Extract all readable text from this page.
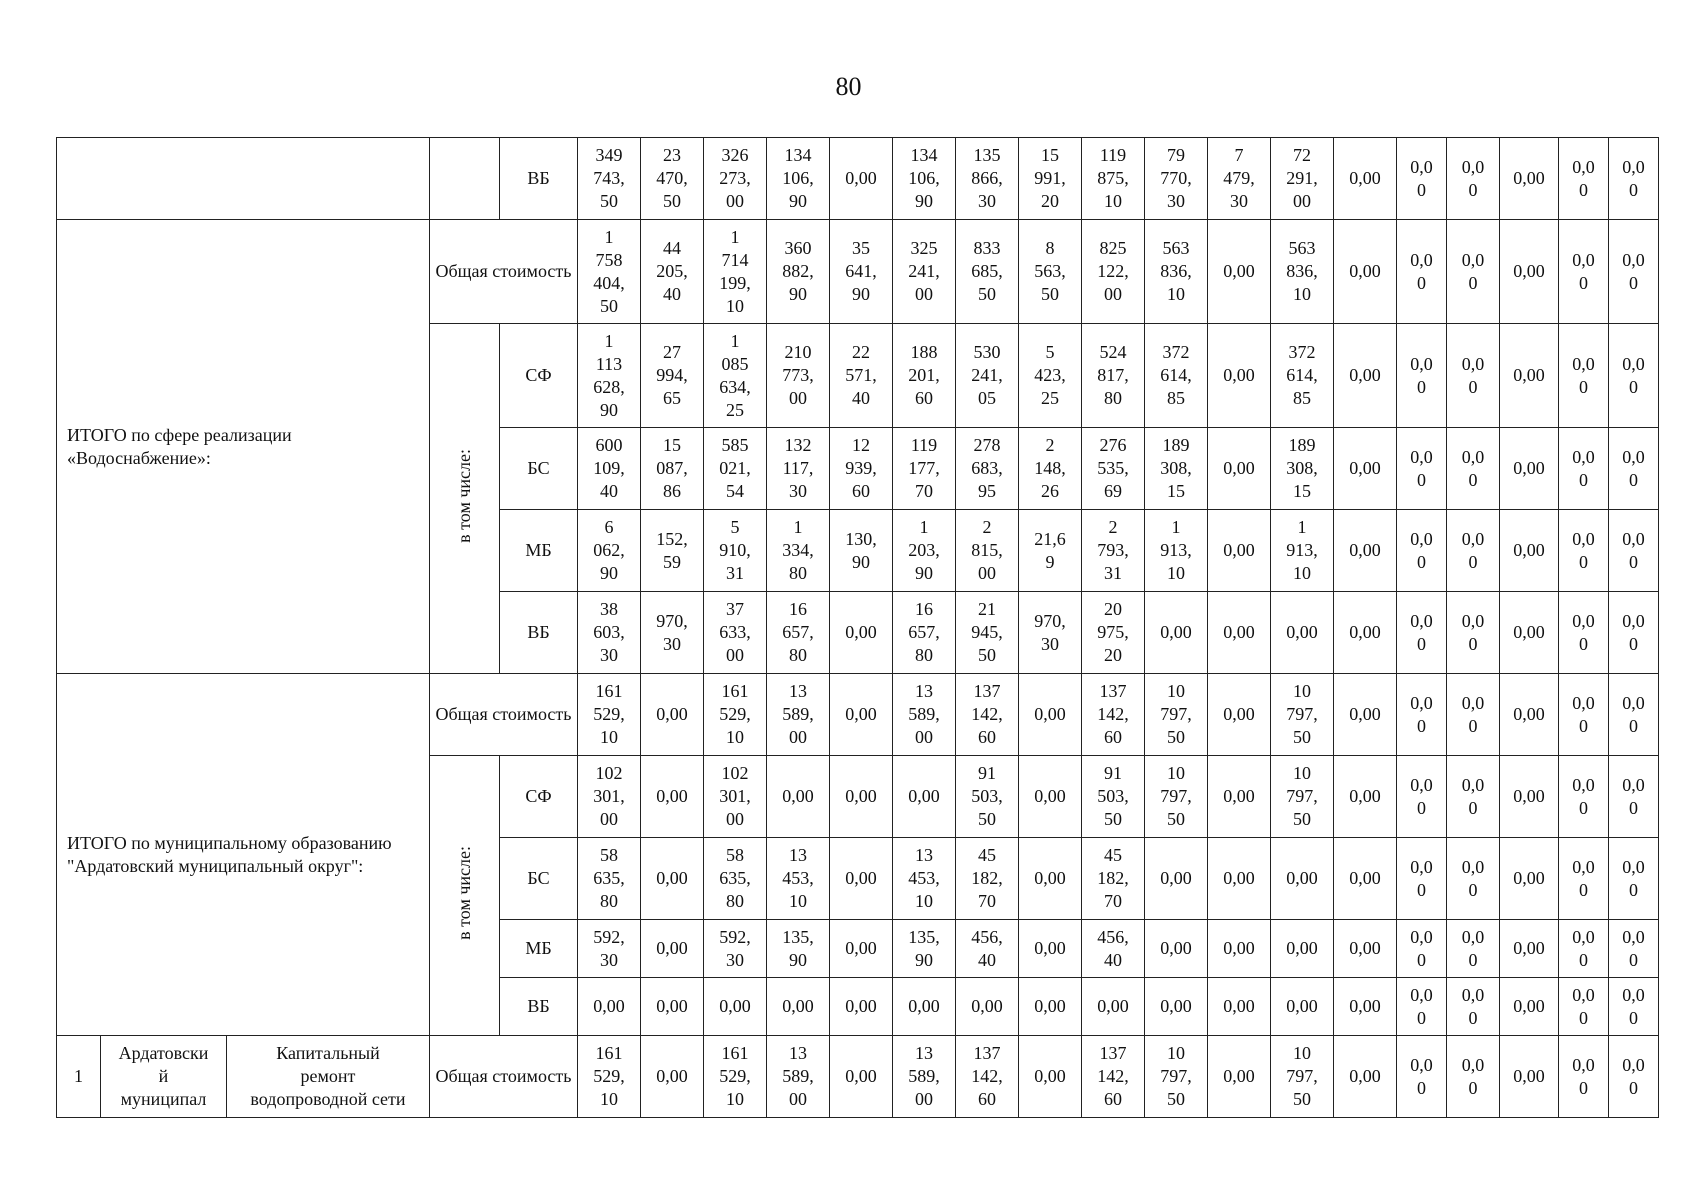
80
				ВБ	349
743,
50	23
470,
50	326
273,
00	134
106,
90	0,00	134
106,
90	135
866,
30	15
991,
20	119
875,
10	79
770,
30	7
479,
30	72
291,
00	0,00	0,0
0	0,0
0	0,00	0,0
0	0,0
0
ИТОГО по сфере реализации «Водоснабжение»:			Общая стоимость		1
758
404,
50	44
205,
40	1
714
199,
10	360
882,
90	35
641,
90	325
241,
00	833
685,
50	8
563,
50	825
122,
00	563
836,
10	0,00	563
836,
10	0,00	0,0
0	0,0
0	0,00	0,0
0	0,0
0
			в том числе:	СФ	1
113
628,
90	27
994,
65	1
085
634,
25	210
773,
00	22
571,
40	188
201,
60	530
241,
05	5
423,
25	524
817,
80	372
614,
85	0,00	372
614,
85	0,00	0,0
0	0,0
0	0,00	0,0
0	0,0
0
				БС	600
109,
40	15
087,
86	585
021,
54	132
117,
30	12
939,
60	119
177,
70	278
683,
95	2
148,
26	276
535,
69	189
308,
15	0,00	189
308,
15	0,00	0,0
0	0,0
0	0,00	0,0
0	0,0
0
				МБ	6
062,
90	152,
59	5
910,
31	1
334,
80	130,
90	1
203,
90	2
815,
00	21,6
9	2
793,
31	1
913,
10	0,00	1
913,
10	0,00	0,0
0	0,0
0	0,00	0,0
0	0,0
0
				ВБ	38
603,
30	970,
30	37
633,
00	16
657,
80	0,00	16
657,
80	21
945,
50	970,
30	20
975,
20	0,00	0,00	0,00	0,00	0,0
0	0,0
0	0,00	0,0
0	0,0
0
ИТОГО по муниципальному образованию "Ардатовский муниципальный округ":			Общая стоимость		161
529,
10	0,00	161
529,
10	13
589,
00	0,00	13
589,
00	137
142,
60	0,00	137
142,
60	10
797,
50	0,00	10
797,
50	0,00	0,0
0	0,0
0	0,00	0,0
0	0,0
0
			в том числе:	СФ	102
301,
00	0,00	102
301,
00	0,00	0,00	0,00	91
503,
50	0,00	91
503,
50	10
797,
50	0,00	10
797,
50	0,00	0,0
0	0,0
0	0,00	0,0
0	0,0
0
				БС	58
635,
80	0,00	58
635,
80	13
453,
10	0,00	13
453,
10	45
182,
70	0,00	45
182,
70	0,00	0,00	0,00	0,00	0,0
0	0,0
0	0,00	0,0
0	0,0
0
				МБ	592,
30	0,00	592,
30	135,
90	0,00	135,
90	456,
40	0,00	456,
40	0,00	0,00	0,00	0,00	0,0
0	0,0
0	0,00	0,0
0	0,0
0
				ВБ	0,00	0,00	0,00	0,00	0,00	0,00	0,00	0,00	0,00	0,00	0,00	0,00	0,00	0,0
0	0,0
0	0,00	0,0
0	0,0
0
1	Ардатовски
й
муниципал	Капитальный
ремонт
водопроводной сети	Общая стоимость		161
529,
10	0,00	161
529,
10	13
589,
00	0,00	13
589,
00	137
142,
60	0,00	137
142,
60	10
797,
50	0,00	10
797,
50	0,00	0,0
0	0,0
0	0,00	0,0
0	0,0
0
